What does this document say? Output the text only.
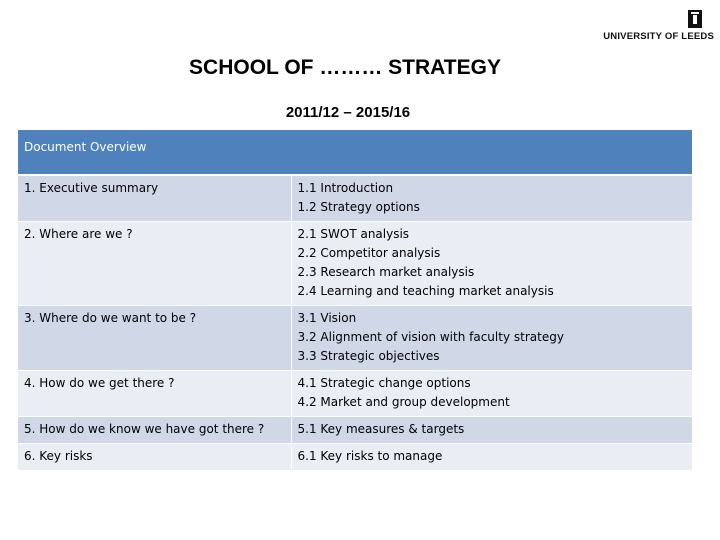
UNIVERSITY OF LEEDS
SCHOOL OF ……… STRATEGY
2011/12 – 2015/16
Document Overview	
1. Executive summary	1.1 Introduction
1.2 Strategy options

2. Where are we ?	2.1 SWOT analysis
2.2 Competitor analysis
2.3 Research market analysis
2.4 Learning and teaching market analysis

3. Where do we want to be ?	3.1 Vision
3.2 Alignment of vision with faculty strategy
3.3 Strategic objectives

4. How do we get there ?	4.1 Strategic change options
4.2 Market and group development

5. How do we know we have got there ?	5.1 Key measures & targets

6. Key risks	6.1 Key risks to manage
